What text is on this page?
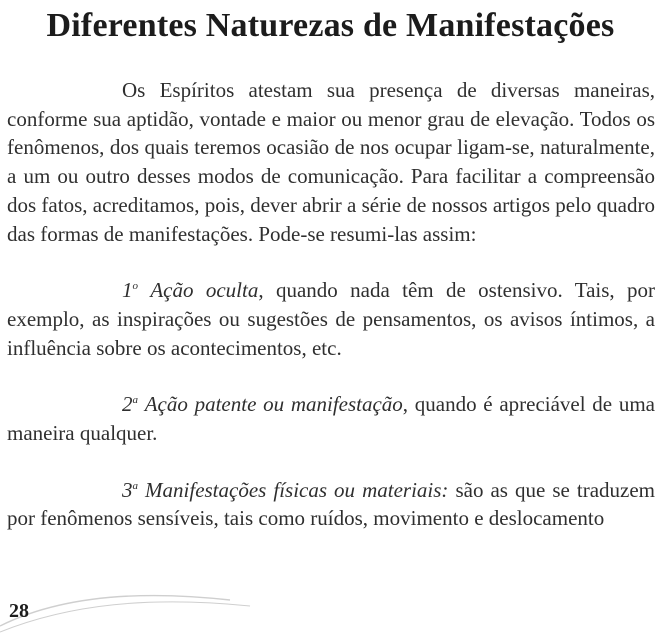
Diferentes Naturezas de Manifestações

Os Espíritos atestam sua presença de diversas maneiras, conforme sua aptidão, vontade e maior ou menor grau de elevação. Todos os fenômenos, dos quais teremos ocasião de nos ocupar ligam-se, naturalmente, a um ou outro desses modos de comunicação. Para facilitar a compreensão dos fatos, acreditamos, pois, dever abrir a série de nossos artigos pelo quadro das formas de manifestações. Pode-se resumi-las assim:

1$^o$ Ação oculta, quando nada têm de ostensivo. Tais, por exemplo, as inspirações ou sugestões de pensamentos, os avisos íntimos, a influência sobre os acontecimentos, etc.

2$^a$ Ação patente ou manifestação, quando é apreciável de uma maneira qualquer.

3$^a$ Manifestações físicas ou materiais: são as que se traduzem por fenômenos sensíveis, tais como ruídos, movimento e deslocamento

28
